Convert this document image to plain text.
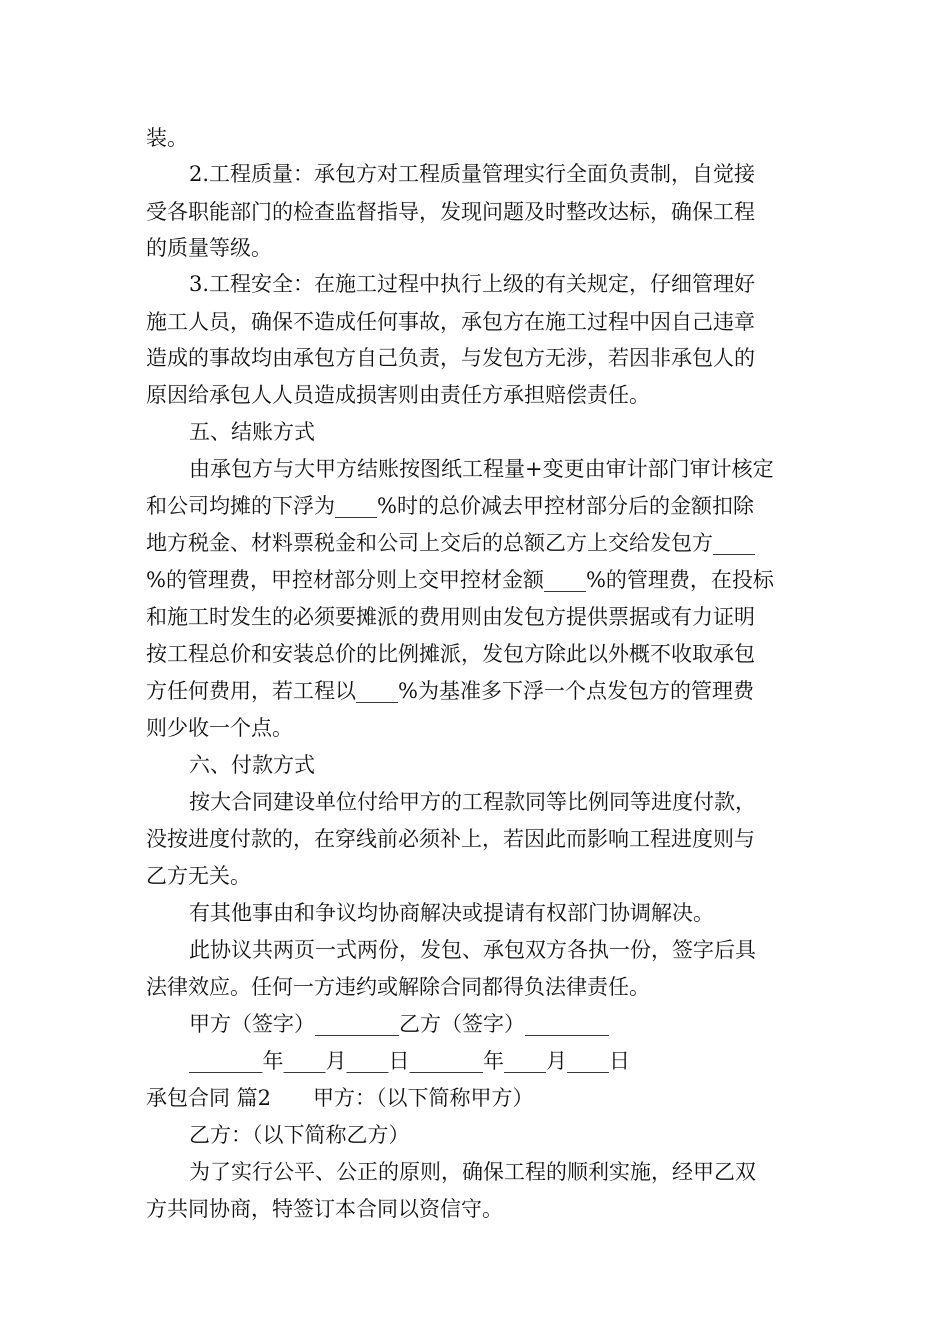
装。
2.工程质量：承包方对工程质量管理实行全面负责制，自觉接
受各职能部门的检查监督指导，发现问题及时整改达标，确保工程
的质量等级。
3.工程安全：在施工过程中执行上级的有关规定，仔细管理好
施工人员，确保不造成任何事故，承包方在施工过程中因自己违章
造成的事故均由承包方自己负责，与发包方无涉，若因非承包人的
原因给承包人人员造成损害则由责任方承担赔偿责任。
五、结账方式
由承包方与大甲方结账按图纸工程量+变更由审计部门审计核定
和公司均摊的下浮为____%时的总价减去甲控材部分后的金额扣除
地方税金、材料票税金和公司上交后的总额乙方上交给发包方____
%的管理费，甲控材部分则上交甲控材金额____%的管理费，在投标
和施工时发生的必须要摊派的费用则由发包方提供票据或有力证明
按工程总价和安装总价的比例摊派，发包方除此以外概不收取承包
方任何费用，若工程以____%为基准多下浮一个点发包方的管理费
则少收一个点。
六、付款方式
按大合同建设单位付给甲方的工程款同等比例同等进度付款，
没按进度付款的，在穿线前必须补上，若因此而影响工程进度则与
乙方无关。
有其他事由和争议均协商解决或提请有权部门协调解决。
此协议共两页一式两份，发包、承包双方各执一份，签字后具
法律效应。任何一方违约或解除合同都得负法律责任。
甲方（签字）________乙方（签字）________
_______年____月____日_______年____月____日
承包合同 篇2　　甲方：（以下简称甲方）
乙方：（以下简称乙方）
为了实行公平、公正的原则，确保工程的顺利实施，经甲乙双
方共同协商，特签订本合同以资信守。
